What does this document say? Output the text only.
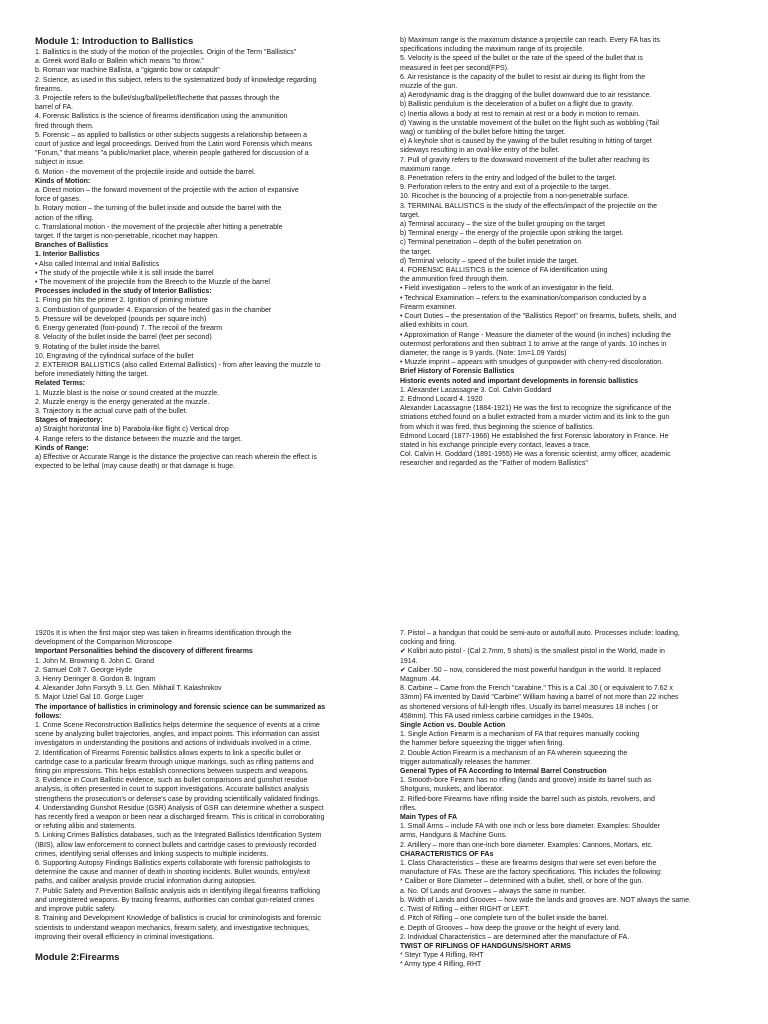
Module 1: Introduction to Ballistics
1. Ballistics is the study of the motion of the projectiles. Origin of the Term "Ballistics"
a. Greek word Ballo or Ballein which means "to throw."
b. Roman war machine Ballista, a "gigantic bow or catapult"
2. Science, as used in this subject, refers to the systematized body of knowledge regarding
firearms.
3. Projectile refers to the bullet/slug/ball/pellet/flechette that passes through the
barrel of FA.
4. Forensic Ballistics is the science of firearms identification using the ammunition
fired through them.
5. Forensic – as applied to ballistics or other subjects suggests a relationship between a
court of justice and legal proceedings. Derived from the Latin word Forensis which means
"Forum," that means "a public/market place, wherein people gathered for discussion of a
subject in issue.
6. Motion - the movement of the projectile inside and outside the barrel.
Kinds of Motion:
a. Direct motion – the forward movement of the projectile with the action of expansive
force of gases.
b. Rotary motion – the turning of the bullet inside and outside the barrel with the
action of the rifling.
c. Translational motion - the movement of the projectile after hitting a penetrable
target. If the target is non-penetrable, ricochet may happen.
Branches of Ballistics
1. Interior Ballistics
• Also called Internal and Initial Ballistics
• The study of the projectile while it is still inside the barrel
• The movement of the projectile from the Breech to the Muzzle of the barrel
Processes included in the study of Interior Ballistics:
1. Firing pin hits the primer 2. Ignition of priming mixture
3. Combustion of gunpowder 4. Expansion of the heated gas in the chamber
5. Pressure will be developed (pounds per square inch)
6. Energy generated (foot-pound) 7. The recoil of the firearm
8. Velocity of the bullet inside the barrel (feet per second)
9. Rotating of the bullet inside the barrel.
10. Engraving of the cylindrical surface of the bullet
2. EXTERIOR BALLISTICS (also called External Ballistics) - from after leaving the muzzle to
before immediately hitting the target.
Related Terms:
1. Muzzle blast is the noise or sound created at the muzzle.
2. Muzzle energy is the energy generated at the muzzle.
3. Trajectory is the actual curve path of the bullet.
Stages of trajectory:
a) Straight horizontal line b) Parabola-like flight c) Vertical drop
4. Range refers to the distance between the muzzle and the target.
Kinds of Range:
a) Effective or Accurate Range is the distance the projective can reach wherein the effect is
expected to be lethal (may cause death) or that damage is huge.
b) Maximum range is the maximum distance a projectile can reach. Every FA has its
specifications including the maximum range of its projectile.
5. Velocity is the speed of the bullet or the rate of the speed of the bullet that is
measured in feet per second(FPS).
6. Air resistance is the capacity of the bullet to resist air during its flight from the
muzzle of the gun.
a) Aerodynamic drag is the dragging of the bullet downward due to air resistance.
b) Ballistic pendulum is the deceleration of a bullet on a flight due to gravity.
c) Inertia allows a body at rest to remain at rest or a body in motion to remain.
d) Yawing is the unstable movement of the bullet on the flight such as wobbling (Tail
wag) or tumbling of the bullet before hitting the target.
e) A keyhole shot is caused by the yawing of the bullet resulting in hitting of target
sideways resulting in an oval-like entry of the bullet.
7. Pull of gravity refers to the downward movement of the bullet after reaching its
maximum range.
8. Penetration refers to the entry and lodged of the bullet to the target.
9. Perforation refers to the entry and exit of a projectile to the target.
10. Ricochet is the bouncing of a projectile from a non-penetrable surface.
3. TERMINAL BALLISTICS is the study of the effects/impact of the projectile on the
target.
a) Terminal accuracy – the size of the bullet grouping on the target
b) Terminal energy – the energy of the projectile upon striking the target.
c) Terminal penetration – depth of the bullet penetration on
the target.
d) Terminal velocity – speed of the bullet inside the target.
4. FORENSIC BALLISTICS is the science of FA identification using
the ammunition fired through them.
• Field investigation – refers to the work of an investigator in the field.
• Technical Examination – refers to the examination/comparison conducted by a
Firearm examiner.
• Court Duties – the presentation of the "Ballistics Report" on firearms, bullets, shells, and
allied exhibits in court.
• Approximation of Range - Measure the diameter of the wound (in inches) including the
outermost perforations and then subtract 1 to arrive at the range of yards. 10 inches in
diameter, the range is 9 yards. (Note: 1m=1.09 Yards)
• Muzzle imprint – appears with smudges of gunpowder with cherry-red discoloration.
Brief History of Forensic Ballistics
Historic events noted and important developments in forensic ballistics
1. Alexander Lacassagne 3. Col. Calvin Goddard
2. Edmond Locard 4. 1920
Alexander Lacassagne (1884-1921) He was the first to recognize the significance of the
striations etched found on a bullet extracted from a murder victim and its link to the gun
from which it was fired, thus beginning the science of ballistics.
Edmond Locard (1877-1966) He established the first Forensic laboratory in France. He
stated in his exchange principle every contact, leaves a trace.
Col. Calvin H. Goddard (1891-1955) He was a forensic scientist, army officer, academic
researcher and regarded as the "Father of modern Ballistics"
1920s It is when the first major step was taken in firearms identification through the
development of the Comparison Microscope
Important Personalities behind the discovery of different firearms
1. John M. Browning 6. John C. Grand
2. Samuel Colt 7. George Hyde
3. Henry Deringer 8. Gordon B. Ingram
4. Alexander John Forsyth 9. Lt. Gen. Mikhail T. Kalashnikov
5. Major Uziel Gal 10. Gorge Luger
The importance of ballistics in criminology and forensic science can be summarized as
follows:
1. Crime Scene Reconstruction Ballistics helps determine the sequence of events at a crime
scene by analyzing bullet trajectories, angles, and impact points. This information can assist
investigators in understanding the positions and actions of individuals involved in a crime.
2. Identification of Firearms Forensic ballistics allows experts to link a specific bullet or
cartridge case to a particular firearm through unique markings, such as rifling patterns and
firing pin impressions. This helps establish connections between suspects and weapons.
3. Evidence in Court Ballistic evidence, such as bullet comparisons and gunshot residue
analysis, is often presented in court to support investigations. Accurate ballistics analysis
strengthens the prosecution's or defense's case by providing scientifically validated findings.
4. Understanding Gunshot Residue (GSR) Analysis of GSR can determine whether a suspect
has recently fired a weapon or been near a discharged firearm. This is critical in corroborating
or refuting alibis and statements.
5. Linking Crimes Ballistics databases, such as the Integrated Ballistics Identification System
(IBIS), allow law enforcement to connect bullets and cartridge cases to previously recorded
crimes, identifying serial offenses and linking suspects to multiple incidents.
6. Supporting Autopsy Findings Ballistics experts collaborate with forensic pathologists to
determine the cause and manner of death in shooting incidents. Bullet wounds, entry/exit
paths, and caliber analysis provide crucial information during autopsies.
7. Public Safety and Prevention Ballistic analysis aids in identifying illegal firearms trafficking
and unregistered weapons. By tracing firearms, authorities can combat gun-related crimes
and improve public safety.
8. Training and Development Knowledge of ballistics is crucial for criminologists and forensic
scientists to understand weapon mechanics, firearm safety, and investigative techniques,
improving their overall efficiency in criminal investigations.
Module 2:Firearms
7. Pistol – a handgun that could be semi-auto or auto/full auto. Processes include: loading,
cocking and firing.
✔ Kolibri auto pistol - (Cal 2.7mm, 5 shots) is the smallest pistol in the World, made in
1914.
✔ Caliber .50 – now, considered the most powerful handgun in the world. It replaced
Magnum .44.
8. Carbine – Came from the French "carabine." This is a Cal .30 ( or equivalent to 7.62 x
33mm) FA invented by David "Carbine" William having a barrel of not more than 22 inches
as shortened versions of full-length rifles. Usually its barrel measures 18 inches ( or
458mm). This FA used rimless carbine cartridges in the 1940s.
Single Action vs. Double Action
1. Single Action Firearm is a mechanism of FA that requires manually cocking
the hammer before squeezing the trigger when firing.
2. Double Action Firearm is a mechanism of an FA wherein squeezing the
trigger automatically releases the hammer.
General Types of FA According to Internal Barrel Construction
1. Smooth-bore Firearm has no rifling (lands and groove) inside its barrel such as
Shotguns, muskets, and liberator.
2. Rifled-bore Firearms have rifling inside the barrel such as pistols, revolvers, and
rifles.
Main Types of FA
1. Small Arms – include FA with one inch or less bore diameter. Examples: Shoulder
arms, Handguns & Machine Guns.
2. Artillery – more than one-inch bore diameter. Examples: Cannons, Mortars, etc.
CHARACTERISTICS OF FAs
1. Class Characteristics – these are firearms designs that were set even before the
manufacture of FAs. These are the factory specifications. This includes the following:
* Caliber or Bore Diameter – determined with a bullet, shell, or bore of the gun.
a. No. Of Lands and Grooves – always the same in number.
b. Width of Lands and Grooves – how wide the lands and grooves are. NOT always the same.
c. Twist of Rifling – either RIGHT or LEFT.
d. Pitch of Rifling – one complete turn of the bullet inside the barrel.
e. Depth of Grooves – how deep the groove or the height of every land.
2. Individual Characteristics – are determined after the manufacture of FA.
TWIST OF RIFLINGS OF HANDGUNS/SHORT ARMS
* Steyr Type 4 Rifling, RHT
* Army type 4 Rifling, RHT
